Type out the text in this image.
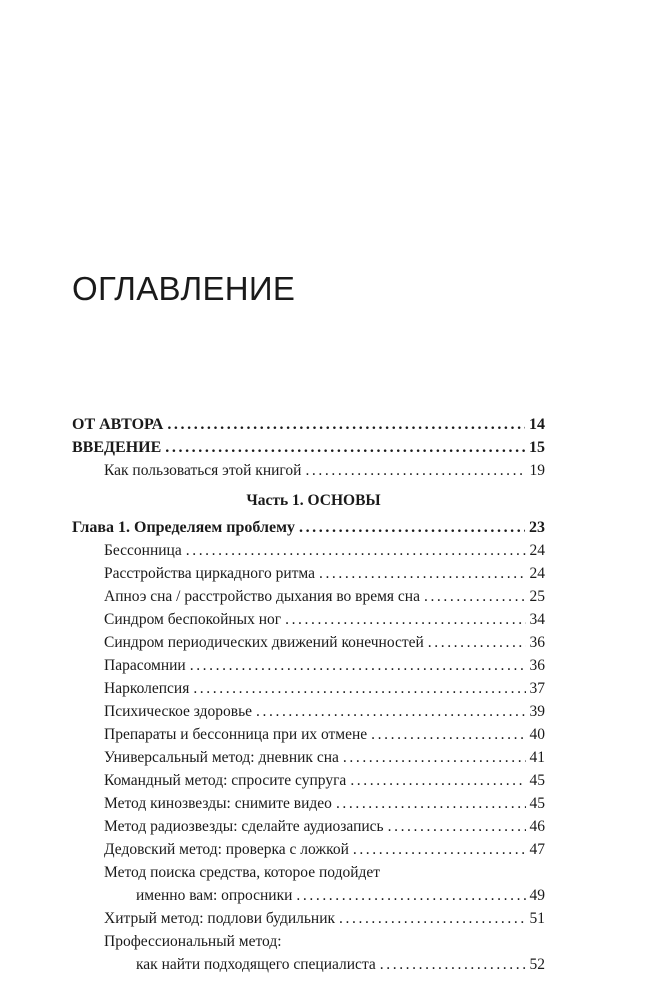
ОГЛАВЛЕНИЕ
ОТ АВТОРА .....	14
ВВЕДЕНИЕ .....	15
Как пользоваться этой книгой .....	19
Часть 1. ОСНОВЫ
Глава 1. Определяем проблему .....	23
Бессонница .....	24
Расстройства циркадного ритма .....	24
Апноэ сна / расстройство дыхания во время сна .....	25
Синдром беспокойных ног .....	34
Синдром периодических движений конечностей .....	36
Парасомнии .....	36
Нарколепсия .....	37
Психическое здоровье .....	39
Препараты и бессонница при их отмене .....	40
Универсальный метод: дневник сна .....	41
Командный метод: спросите супруга .....	45
Метод кинозвезды: снимите видео .....	45
Метод радиозвезды: сделайте аудиозапись .....	46
Дедовский метод: проверка с ложкой .....	47
Метод поиска средства, которое подойдет
именно вам: опросники .....	49
Хитрый метод: подлови будильник .....	51
Профессиональный метод:
как найти подходящего специалиста .....	52
